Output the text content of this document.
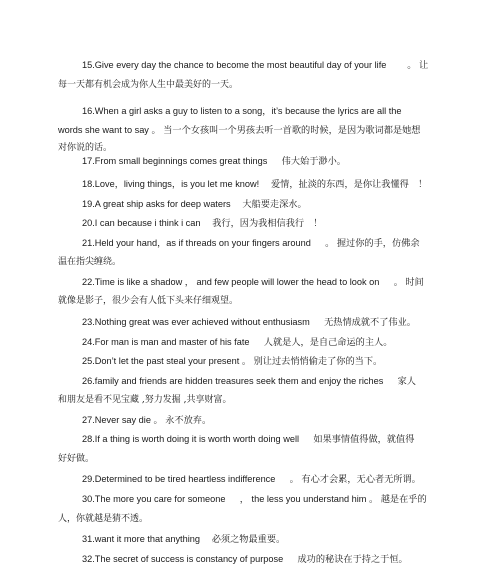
15.Give every day the chance to become the most beautiful day of your life 　　。 让
每一天都有机会成为你人生中最美好的一天。
16.When a girl asks a guy to listen to a song，it’s because the lyrics are all the
words she want to say 。 当一个女孩叫一个男孩去听一首歌的时候，是因为歌词都是她想
对你说的话。
17.From small beginnings comes great things 　 伟大始于渺小。
18.Love，living things，is you let me know! 　爱情，扯淡的东西，是你让我懂得　！
19.A great ship asks for deep waters 　大船要走深水。
20.I can because i think i can 　我行，因为我相信我行　！
21.Held your hand，as if threads on your fingers around 　 。 握过你的手，仿佛余
温在指尖缠绕。
22.Time is like a shadow ， and few people will lower the head to look on 　 。 时间
就像是影子，很少会有人低下头来仔细观望。
23.Nothing great was ever achieved without enthusiasm 　 无热情成就不了伟业。
24.For man is man and master of his fate 　 人就是人，是自己命运的主人。
25.Don’t let the past steal your present 。 别让过去悄悄偷走了你的当下。
26.family and friends are hidden treasures seek them and enjoy the riches 　 家人
和朋友是看不见宝藏 ,努力发掘 ,共享财富。
27.Never say die 。 永不放弃。
28.If a thing is worth doing it is worth worth doing well 　 如果事情值得做，就值得
好好做。
29.Determined to be tired heartless indifference 　 。 有心才会累，无心者无所谓。
30.The more you care for someone 　 ， the less you understand him 。 越是在乎的
人，你就越是猜不透。
31.want it more that anything 　必须之物最重要。
32.The secret of success is constancy of purpose 　 成功的秘诀在于持之于恒。
